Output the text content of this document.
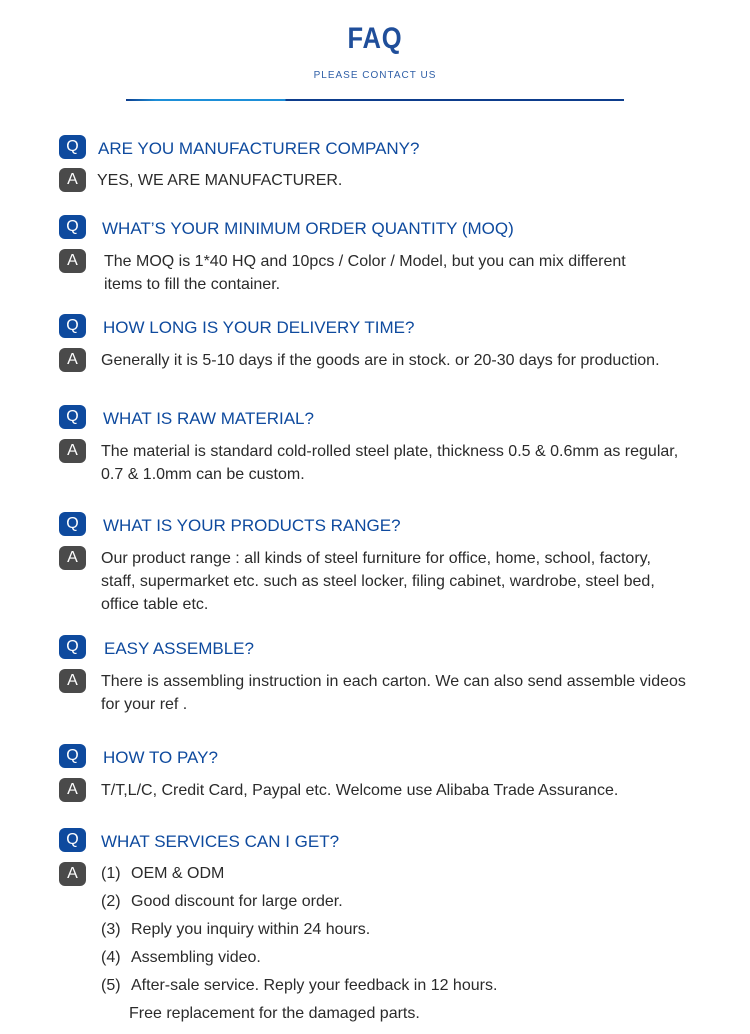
FAQ
PLEASE CONTACT US
Q	ARE YOU MANUFACTURER COMPANY?
A	YES, WE ARE MANUFACTURER.
Q	WHAT’S YOUR MINIMUM ORDER QUANTITY (MOQ)
A	The MOQ is 1*40 HQ and 10pcs / Color / Model, but you can mix different
items to fill the container.
Q	HOW LONG IS YOUR DELIVERY TIME?
A	Generally it is 5-10 days if the goods are in stock. or 20-30 days for production.
Q	WHAT IS RAW MATERIAL?
A	The material is standard cold-rolled steel plate, thickness 0.5 & 0.6mm as regular,
0.7 & 1.0mm can be custom.
Q	WHAT IS YOUR PRODUCTS RANGE?
A	Our product range : all kinds of steel furniture for office, home, school, factory,
staff, supermarket etc. such as steel locker, filing cabinet, wardrobe, steel bed,
office table etc.
Q	EASY ASSEMBLE?
A	There is assembling instruction in each carton. We can also send assemble videos
for your ref .
Q	HOW TO PAY?
A	T/T,L/C, Credit Card, Paypal etc. Welcome use Alibaba Trade Assurance.
Q	WHAT SERVICES CAN I GET?
A	(1) OEM & ODM
(2) Good discount for large order.
(3) Reply you inquiry within 24 hours.
(4) Assembling video.
(5) After-sale service. Reply your feedback in 12 hours.
Free replacement for the damaged parts.
